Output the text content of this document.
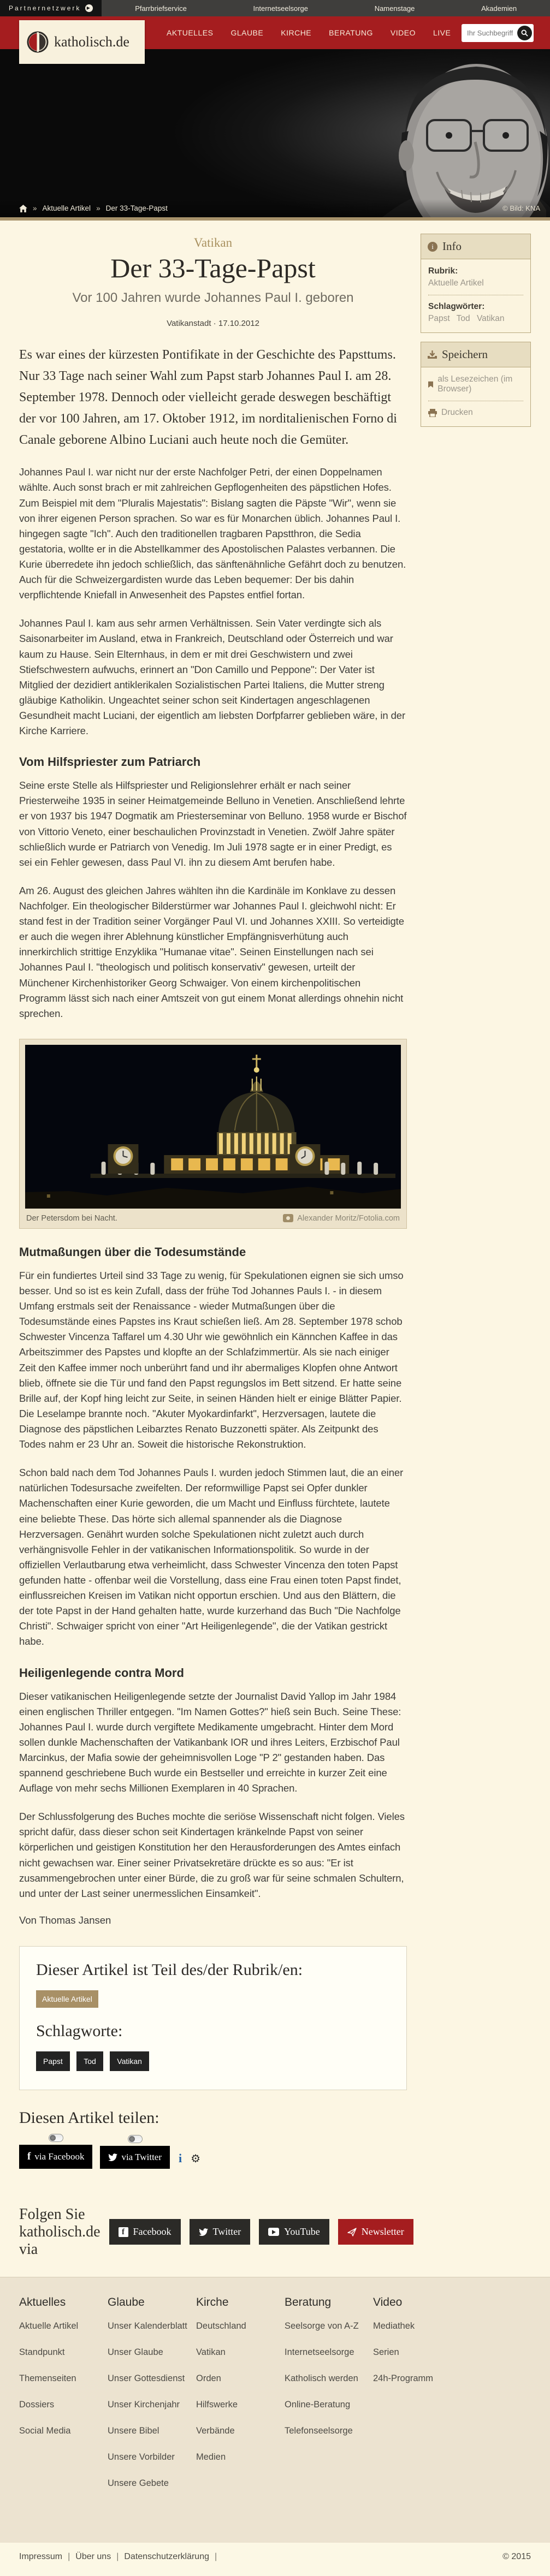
Partnernetzwerk	▶	Pfarrbriefservice	Internetseelsorge	Namenstage	Akademien
katholisch.de
AKTUELLES GLAUBE KIRCHE BERATUNG VIDEO LIVE
Ihr Suchbegriff...
»
Aktuelle Artikel » Der 33-Tage-Papst	© Bild: KNA
Vatikan
Der 33-Tage-Papst
Vor 100 Jahren wurde Johannes Paul I. geboren
Vatikanstadt · 17.10.2012

Es war eines der kürzesten Pontifikate in der Geschichte des Papsttums. Nur 33 Tage nach seiner Wahl zum Papst starb Johannes Paul I. am 28. September 1978. Dennoch oder vielleicht gerade deswegen beschäftigt der vor 100 Jahren, am 17. Oktober 1912, im norditalienischen Forno di Canale geborene Albino Luciani auch heute noch die Gemüter.

Johannes Paul I. war nicht nur der erste Nachfolger Petri, der einen Doppelnamen wählte. Auch sonst brach er mit zahlreichen Gepflogenheiten des päpstlichen Hofes. Zum Beispiel mit dem "Pluralis Majestatis": Bislang sagten die Päpste "Wir", wenn sie von ihrer eigenen Person sprachen. So war es für Monarchen üblich. Johannes Paul I. hingegen sagte "Ich". Auch den traditionellen tragbaren Papstthron, die Sedia gestatoria, wollte er in die Abstellkammer des Apostolischen Palastes verbannen. Die Kurie überredete ihn jedoch schließlich, das sänftenähnliche Gefährt doch zu benutzen. Auch für die Schweizergardisten wurde das Leben bequemer: Der bis dahin verpflichtende Kniefall in Anwesenheit des Papstes entfiel fortan.

Johannes Paul I. kam aus sehr armen Verhältnissen. Sein Vater verdingte sich als Saisonarbeiter im Ausland, etwa in Frankreich, Deutschland oder Österreich und war kaum zu Hause. Sein Elternhaus, in dem er mit drei Geschwistern und zwei Stiefschwestern aufwuchs, erinnert an "Don Camillo und Peppone": Der Vater ist Mitglied der dezidiert antiklerikalen Sozialistischen Partei Italiens, die Mutter streng gläubige Katholikin. Ungeachtet seiner schon seit Kindertagen angeschlagenen Gesundheit macht Luciani, der eigentlich am liebsten Dorfpfarrer geblieben wäre, in der Kirche Karriere.

Vom Hilfspriester zum Patriarch

Seine erste Stelle als Hilfspriester und Religionslehrer erhält er nach seiner Priesterweihe 1935 in seiner Heimatgemeinde Belluno in Venetien. Anschließend lehrte er von 1937 bis 1947 Dogmatik am Priesterseminar von Belluno. 1958 wurde er Bischof von Vittorio Veneto, einer beschaulichen Provinzstadt in Venetien. Zwölf Jahre später schließlich wurde er Patriarch von Venedig. Im Juli 1978 sagte er in einer Predigt, es sei ein Fehler gewesen, dass Paul VI. ihn zu diesem Amt berufen habe.

Am 26. August des gleichen Jahres wählten ihn die Kardinäle im Konklave zu dessen Nachfolger. Ein theologischer Bilderstürmer war Johannes Paul I. gleichwohl nicht: Er stand fest in der Tradition seiner Vorgänger Paul VI. und Johannes XXIII. So verteidigte er auch die wegen ihrer Ablehnung künstlicher Empfängnisverhütung auch innerkirchlich strittige Enzyklika "Humanae vitae". Seinen Einstellungen nach sei Johannes Paul I. "theologisch und politisch konservativ" gewesen, urteilt der Münchener Kirchenhistoriker Georg Schwaiger. Von einem kirchenpolitischen Programm lässt sich nach einer Amtszeit von gut einem Monat allerdings ohnehin nicht sprechen.

Der Petersdom bei Nacht.	Alexander Moritz/Fotolia.com
Mutmaßungen über die Todesumstände

Für ein fundiertes Urteil sind 33 Tage zu wenig, für Spekulationen eignen sie sich umso besser. Und so ist es kein Zufall, dass der frühe Tod Johannes Pauls I. - in diesem Umfang erstmals seit der Renaissance - wieder Mutmaßungen über die Todesumstände eines Papstes ins Kraut schießen ließ. Am 28. September 1978 schob Schwester Vincenza Taffarel um 4.30 Uhr wie gewöhnlich ein Kännchen Kaffee in das Arbeitszimmer des Papstes und klopfte an der Schlafzimmertür. Als sie nach einiger Zeit den Kaffee immer noch unberührt fand und ihr abermaliges Klopfen ohne Antwort blieb, öffnete sie die Tür und fand den Papst regungslos im Bett sitzend. Er hatte seine Brille auf, der Kopf hing leicht zur Seite, in seinen Händen hielt er einige Blätter Papier. Die Leselampe brannte noch. "Akuter Myokardinfarkt", Herzversagen, lautete die Diagnose des päpstlichen Leibarztes Renato Buzzonetti später. Als Zeitpunkt des Todes nahm er 23 Uhr an. Soweit die historische Rekonstruktion.

Schon bald nach dem Tod Johannes Pauls I. wurden jedoch Stimmen laut, die an einer natürlichen Todesursache zweifelten. Der reformwillige Papst sei Opfer dunkler Machenschaften einer Kurie geworden, die um Macht und Einfluss fürchtete, lautete eine beliebte These. Das hörte sich allemal spannender als die Diagnose Herzversagen. Genährt wurden solche Spekulationen nicht zuletzt auch durch verhängnisvolle Fehler in der vatikanischen Informationspolitik. So wurde in der offiziellen Verlautbarung etwa verheimlicht, dass Schwester Vincenza den toten Papst gefunden hatte - offenbar weil die Vorstellung, dass eine Frau einen toten Papst findet, einflussreichen Kreisen im Vatikan nicht opportun erschien. Und aus den Blättern, die der tote Papst in der Hand gehalten hatte, wurde kurzerhand das Buch "Die Nachfolge Christi". Schwaiger spricht von einer "Art Heiligenlegende", die der Vatikan gestrickt habe.

Heiligenlegende contra Mord

Dieser vatikanischen Heiligenlegende setzte der Journalist David Yallop im Jahr 1984 einen englischen Thriller entgegen. "Im Namen Gottes?" hieß sein Buch. Seine These: Johannes Paul I. wurde durch vergiftete Medikamente umgebracht. Hinter dem Mord sollen dunkle Machenschaften der Vatikanbank IOR und ihres Leiters, Erzbischof Paul Marcinkus, der Mafia sowie der geheimnisvollen Loge "P 2" gestanden haben. Das spannend geschriebene Buch wurde ein Bestseller und erreichte in kurzer Zeit eine Auflage von mehr sechs Millionen Exemplaren in 40 Sprachen.

Der Schlussfolgerung des Buches mochte die seriöse Wissenschaft nicht folgen. Vieles spricht dafür, dass dieser schon seit Kindertagen kränkelnde Papst von seiner körperlichen und geistigen Konstitution her den Herausforderungen des Amtes einfach nicht gewachsen war. Einer seiner Privatsekretäre drückte es so aus: "Er ist zusammengebrochen unter einer Bürde, die zu groß war für seine schmalen Schultern, und unter der Last seiner unermesslichen Einsamkeit".

Von Thomas Jansen

Dieser Artikel ist Teil des/der Rubrik/en:
Aktuelle Artikel
Schlagworte:
Papst	Tod	Vatikan
Diesen Artikel teilen:
f via Facebook	via Twitter i ⚙
Folgen Sie katholisch.de via
f Facebook	Twitter	YouTube	Newsletter
i Info
Rubrik:
Aktuelle Artikel
Schlagwörter:
Papst Tod Vatikan
Speichern
als Lesezeichen (im Browser)
Drucken
Aktuelles
Aktuelle Artikel
Standpunkt
Themenseiten
Dossiers
Social Media
Glaube
Unser Kalenderblatt
Unser Glaube
Unser Gottesdienst
Unser Kirchenjahr
Unsere Bibel
Unsere Vorbilder
Unsere Gebete
Kirche
Deutschland
Vatikan
Orden
Hilfswerke
Verbände
Medien
Beratung
Seelsorge von A-Z
Internetseelsorge
Katholisch werden
Online-Beratung
Telefonseelsorge
Video
Mediathek
Serien
24h-Programm
Impressum |	Über uns |	Datenschutzerklärung |	© 2015
